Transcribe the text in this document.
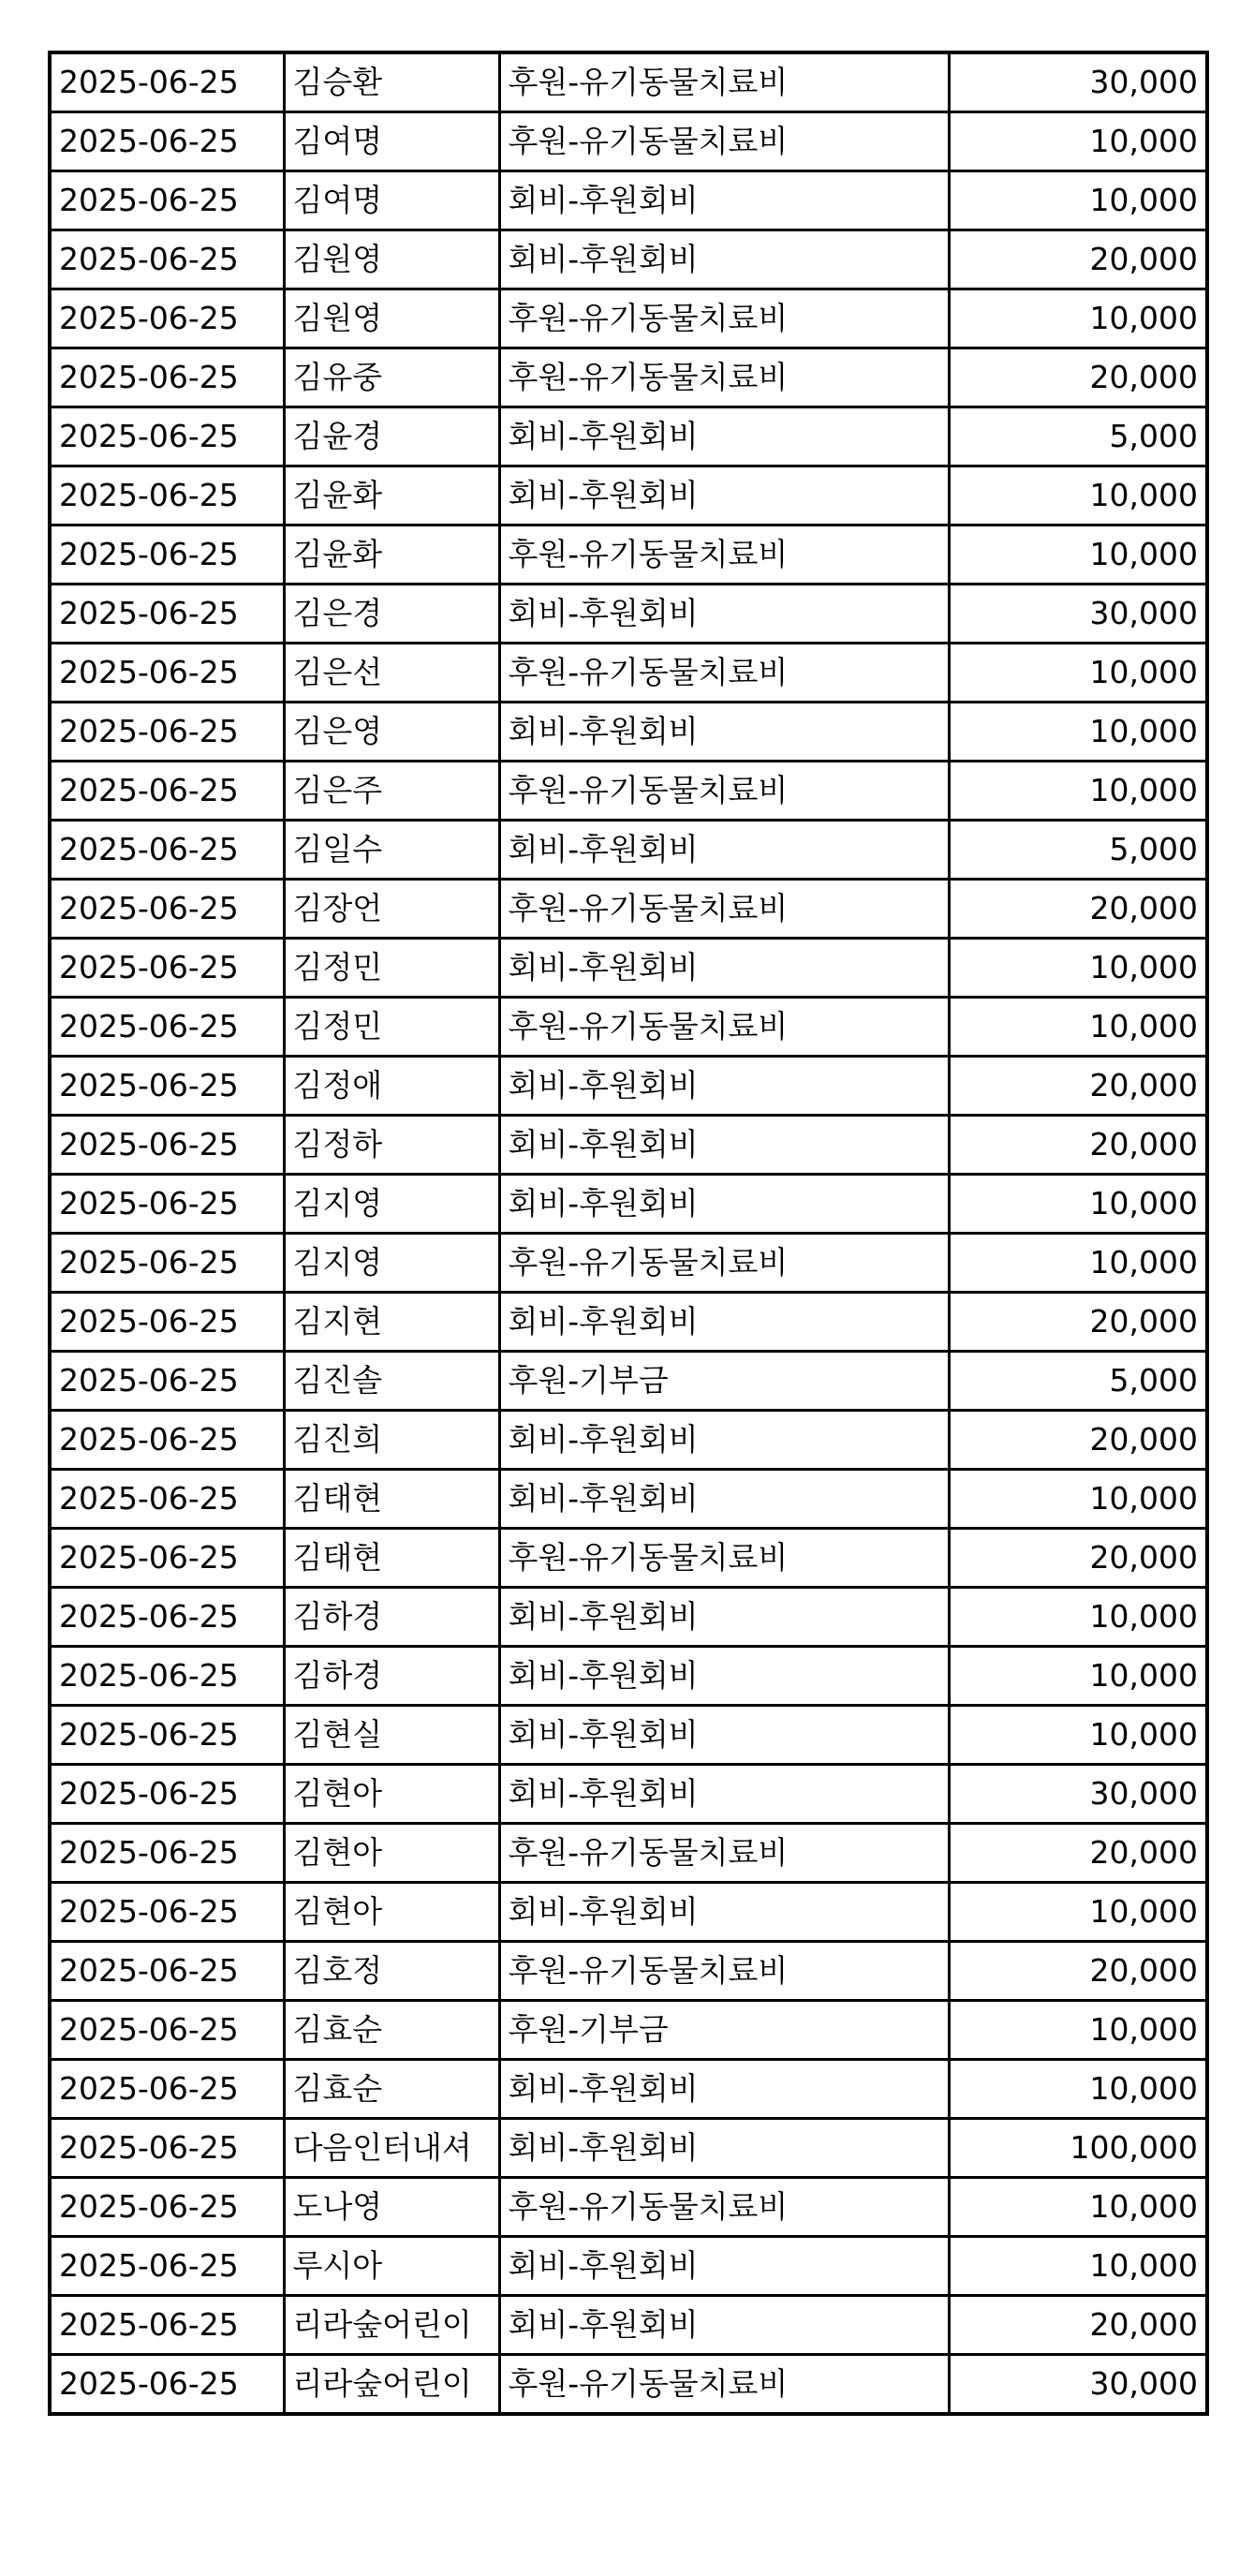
2025-06-25	김승환	후원-유기동물치료비	30,000
2025-06-25	김여명	후원-유기동물치료비	10,000
2025-06-25	김여명	회비-후원회비	10,000
2025-06-25	김원영	회비-후원회비	20,000
2025-06-25	김원영	후원-유기동물치료비	10,000
2025-06-25	김유중	후원-유기동물치료비	20,000
2025-06-25	김윤경	회비-후원회비	5,000
2025-06-25	김윤화	회비-후원회비	10,000
2025-06-25	김윤화	후원-유기동물치료비	10,000
2025-06-25	김은경	회비-후원회비	30,000
2025-06-25	김은선	후원-유기동물치료비	10,000
2025-06-25	김은영	회비-후원회비	10,000
2025-06-25	김은주	후원-유기동물치료비	10,000
2025-06-25	김일수	회비-후원회비	5,000
2025-06-25	김장언	후원-유기동물치료비	20,000
2025-06-25	김정민	회비-후원회비	10,000
2025-06-25	김정민	후원-유기동물치료비	10,000
2025-06-25	김정애	회비-후원회비	20,000
2025-06-25	김정하	회비-후원회비	20,000
2025-06-25	김지영	회비-후원회비	10,000
2025-06-25	김지영	후원-유기동물치료비	10,000
2025-06-25	김지현	회비-후원회비	20,000
2025-06-25	김진솔	후원-기부금	5,000
2025-06-25	김진희	회비-후원회비	20,000
2025-06-25	김태현	회비-후원회비	10,000
2025-06-25	김태현	후원-유기동물치료비	20,000
2025-06-25	김하경	회비-후원회비	10,000
2025-06-25	김하경	회비-후원회비	10,000
2025-06-25	김현실	회비-후원회비	10,000
2025-06-25	김현아	회비-후원회비	30,000
2025-06-25	김현아	후원-유기동물치료비	20,000
2025-06-25	김현아	회비-후원회비	10,000
2025-06-25	김호정	후원-유기동물치료비	20,000
2025-06-25	김효순	후원-기부금	10,000
2025-06-25	김효순	회비-후원회비	10,000
2025-06-25	다음인터내셔	회비-후원회비	100,000
2025-06-25	도나영	후원-유기동물치료비	10,000
2025-06-25	루시아	회비-후원회비	10,000
2025-06-25	리라숲어린이	회비-후원회비	20,000
2025-06-25	리라숲어린이	후원-유기동물치료비	30,000
